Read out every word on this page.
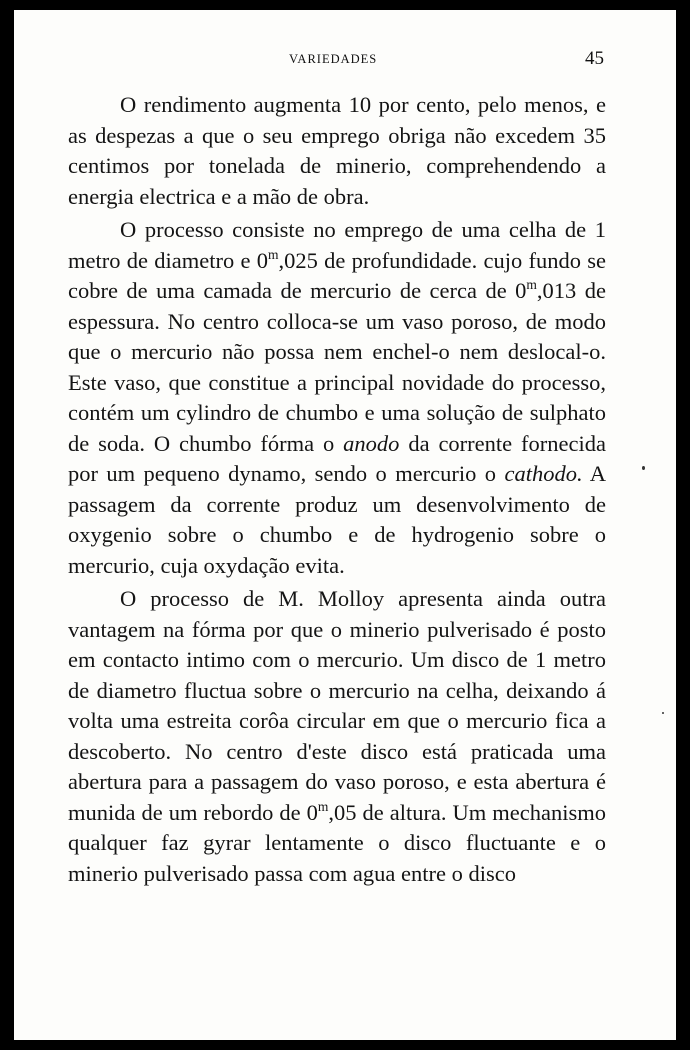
VARIEDADES	45

O rendimento augmenta 10 por cento, pelo menos, e as despezas a que o seu emprego obriga não excedem 35 centimos por tonelada de minerio, comprehendendo a energia electrica e a mão de obra.

O processo consiste no emprego de uma celha de 1 metro de diametro e 0$^m$,025 de profundidade. cujo fundo se cobre de uma camada de mercurio de cerca de 0$^m$,013 de espessura. No centro colloca-se um vaso poroso, de modo que o mercurio não possa nem enchel-o nem deslocal-o. Este vaso, que constitue a principal novidade do processo, contém um cylindro de chumbo e uma solução de sulphato de soda. O chumbo fórma o anodo da corrente fornecida por um pequeno dynamo, sendo o mercurio o cathodo. A passagem da corrente produz um desenvolvimento de oxygenio sobre o chumbo e de hydrogenio sobre o mercurio, cuja oxydação evita.

O processo de M. Molloy apresenta ainda outra vantagem na fórma por que o minerio pulverisado é posto em contacto intimo com o mercurio. Um disco de 1 metro de diametro fluctua sobre o mercurio na celha, deixando á volta uma estreita corôa circular em que o mercurio fica a descoberto. No centro d'este disco está praticada uma abertura para a passagem do vaso poroso, e esta abertura é munida de um rebordo de 0$^m$,05 de altura. Um mechanismo qualquer faz gyrar lentamente o disco fluctuante e o minerio pulverisado passa com agua entre o disco
